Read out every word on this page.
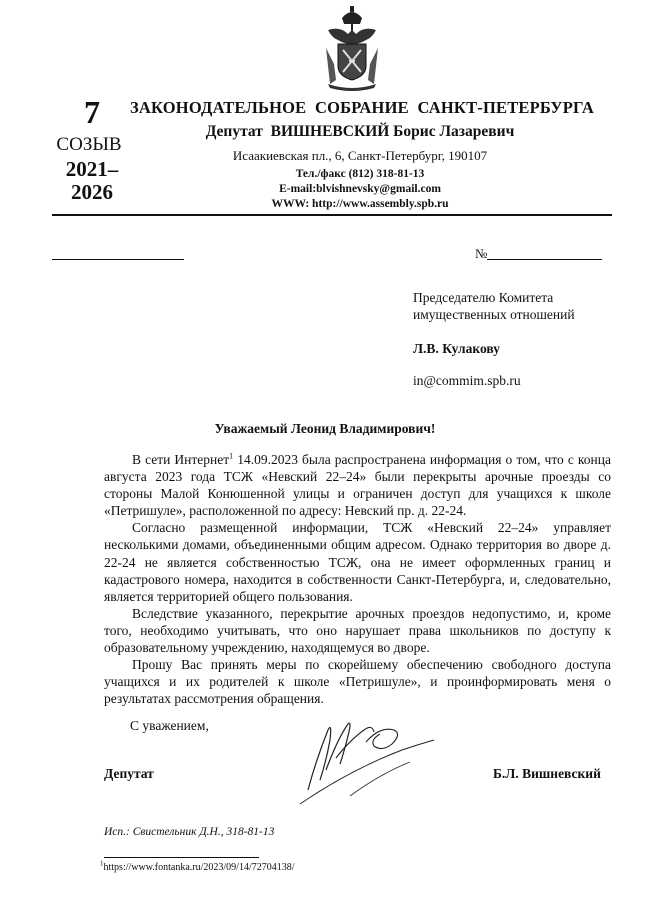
7
СОЗЫВ
2021–
2026
ЗАКОНОДАТЕЛЬНОЕ  СОБРАНИЕ  САНКТ-ПЕТЕРБУРГА
Депутат  ВИШНЕВСКИЙ Борис Лазаревич
Исаакиевская пл., 6, Санкт-Петербург, 190107
Тел./факс (812) 318-81-13
E-mail:blvishnevsky@gmail.com
WWW: http://www.assembly.spb.ru
№
Председателю Комитета
имущественных отношений
Л.В. Кулакову
in@commim.spb.ru
Уважаемый Леонид Владимирович!

В сети Интернет$^1$ 14.09.2023 была распространена информация о том, что с конца августа 2023 года ТСЖ «Невский 22–24» были перекрыты арочные проезды со стороны Малой Конюшенной улицы и ограничен доступ для учащихся к школе «Петришуле», расположенной по адресу: Невский пр. д. 22-24.

Согласно размещенной информации, ТСЖ «Невский 22–24» управляет несколькими домами, объединенными общим адресом. Однако территория во дворе д. 22-24 не является собственностью ТСЖ, она не имеет оформленных границ и кадастрового номера, находится в собственности Санкт-Петербурга, и, следовательно, является территорией общего пользования.

Вследствие указанного, перекрытие арочных проездов недопустимо, и, кроме того, необходимо учитывать, что оно нарушает права школьников по доступу к образовательному учреждению, находящемуся во дворе.

Прошу Вас принять меры по скорейшему обеспечению свободного доступа учащихся и их родителей к школе «Петришуле», и проинформировать меня о результатах рассмотрения обращения.

С уважением,
Депутат	Б.Л. Вишневский
Исп.: Свистельник Д.Н., 318-81-13
$^1$https://www.fontanka.ru/2023/09/14/72704138/
